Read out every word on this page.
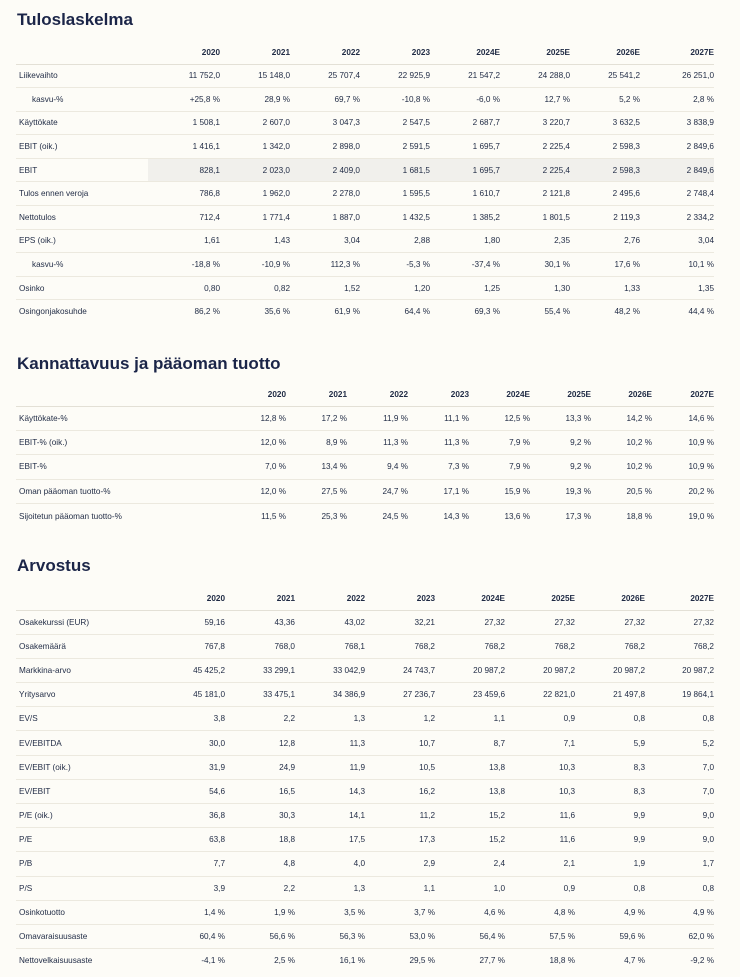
Tuloslaskelma
	2020	2021	2022	2023	2024E	2025E	2026E	2027E
Liikevaihto	11 752,0	15 148,0	25 707,4	22 925,9	21 547,2	24 288,0	25 541,2	26 251,0
kasvu-%	+25,8 %	28,9 %	69,7 %	-10,8 %	-6,0 %	12,7 %	5,2 %	2,8 %
Käyttökate	1 508,1	2 607,0	3 047,3	2 547,5	2 687,7	3 220,7	3 632,5	3 838,9
EBIT (oik.)	1 416,1	1 342,0	2 898,0	2 591,5	1 695,7	2 225,4	2 598,3	2 849,6
EBIT	828,1	2 023,0	2 409,0	1 681,5	1 695,7	2 225,4	2 598,3	2 849,6
Tulos ennen veroja	786,8	1 962,0	2 278,0	1 595,5	1 610,7	2 121,8	2 495,6	2 748,4
Nettotulos	712,4	1 771,4	1 887,0	1 432,5	1 385,2	1 801,5	2 119,3	2 334,2
EPS (oik.)	1,61	1,43	3,04	2,88	1,80	2,35	2,76	3,04
kasvu-%	-18,8 %	-10,9 %	112,3 %	-5,3 %	-37,4 %	30,1 %	17,6 %	10,1 %
Osinko	0,80	0,82	1,52	1,20	1,25	1,30	1,33	1,35
Osingonjakosuhde	86,2 %	35,6 %	61,9 %	64,4 %	69,3 %	55,4 %	48,2 %	44,4 %
Kannattavuus ja pääoman tuotto
	2020	2021	2022	2023	2024E	2025E	2026E	2027E
Käyttökate-%	12,8 %	17,2 %	11,9 %	11,1 %	12,5 %	13,3 %	14,2 %	14,6 %
EBIT-% (oik.)	12,0 %	8,9 %	11,3 %	11,3 %	7,9 %	9,2 %	10,2 %	10,9 %
EBIT-%	7,0 %	13,4 %	9,4 %	7,3 %	7,9 %	9,2 %	10,2 %	10,9 %
Oman pääoman tuotto-%	12,0 %	27,5 %	24,7 %	17,1 %	15,9 %	19,3 %	20,5 %	20,2 %
Sijoitetun pääoman tuotto-%	11,5 %	25,3 %	24,5 %	14,3 %	13,6 %	17,3 %	18,8 %	19,0 %
Arvostus
	2020	2021	2022	2023	2024E	2025E	2026E	2027E
Osakekurssi (EUR)	59,16	43,36	43,02	32,21	27,32	27,32	27,32	27,32
Osakemäärä	767,8	768,0	768,1	768,2	768,2	768,2	768,2	768,2
Markkina-arvo	45 425,2	33 299,1	33 042,9	24 743,7	20 987,2	20 987,2	20 987,2	20 987,2
Yritysarvo	45 181,0	33 475,1	34 386,9	27 236,7	23 459,6	22 821,0	21 497,8	19 864,1
EV/S	3,8	2,2	1,3	1,2	1,1	0,9	0,8	0,8
EV/EBITDA	30,0	12,8	11,3	10,7	8,7	7,1	5,9	5,2
EV/EBIT (oik.)	31,9	24,9	11,9	10,5	13,8	10,3	8,3	7,0
EV/EBIT	54,6	16,5	14,3	16,2	13,8	10,3	8,3	7,0
P/E (oik.)	36,8	30,3	14,1	11,2	15,2	11,6	9,9	9,0
P/E	63,8	18,8	17,5	17,3	15,2	11,6	9,9	9,0
P/B	7,7	4,8	4,0	2,9	2,4	2,1	1,9	1,7
P/S	3,9	2,2	1,3	1,1	1,0	0,9	0,8	0,8
Osinkotuotto	1,4 %	1,9 %	3,5 %	3,7 %	4,6 %	4,8 %	4,9 %	4,9 %
Omavaraisuusaste	60,4 %	56,6 %	56,3 %	53,0 %	56,4 %	57,5 %	59,6 %	62,0 %
Nettovelkaisuusaste	-4,1 %	2,5 %	16,1 %	29,5 %	27,7 %	18,8 %	4,7 %	-9,2 %
